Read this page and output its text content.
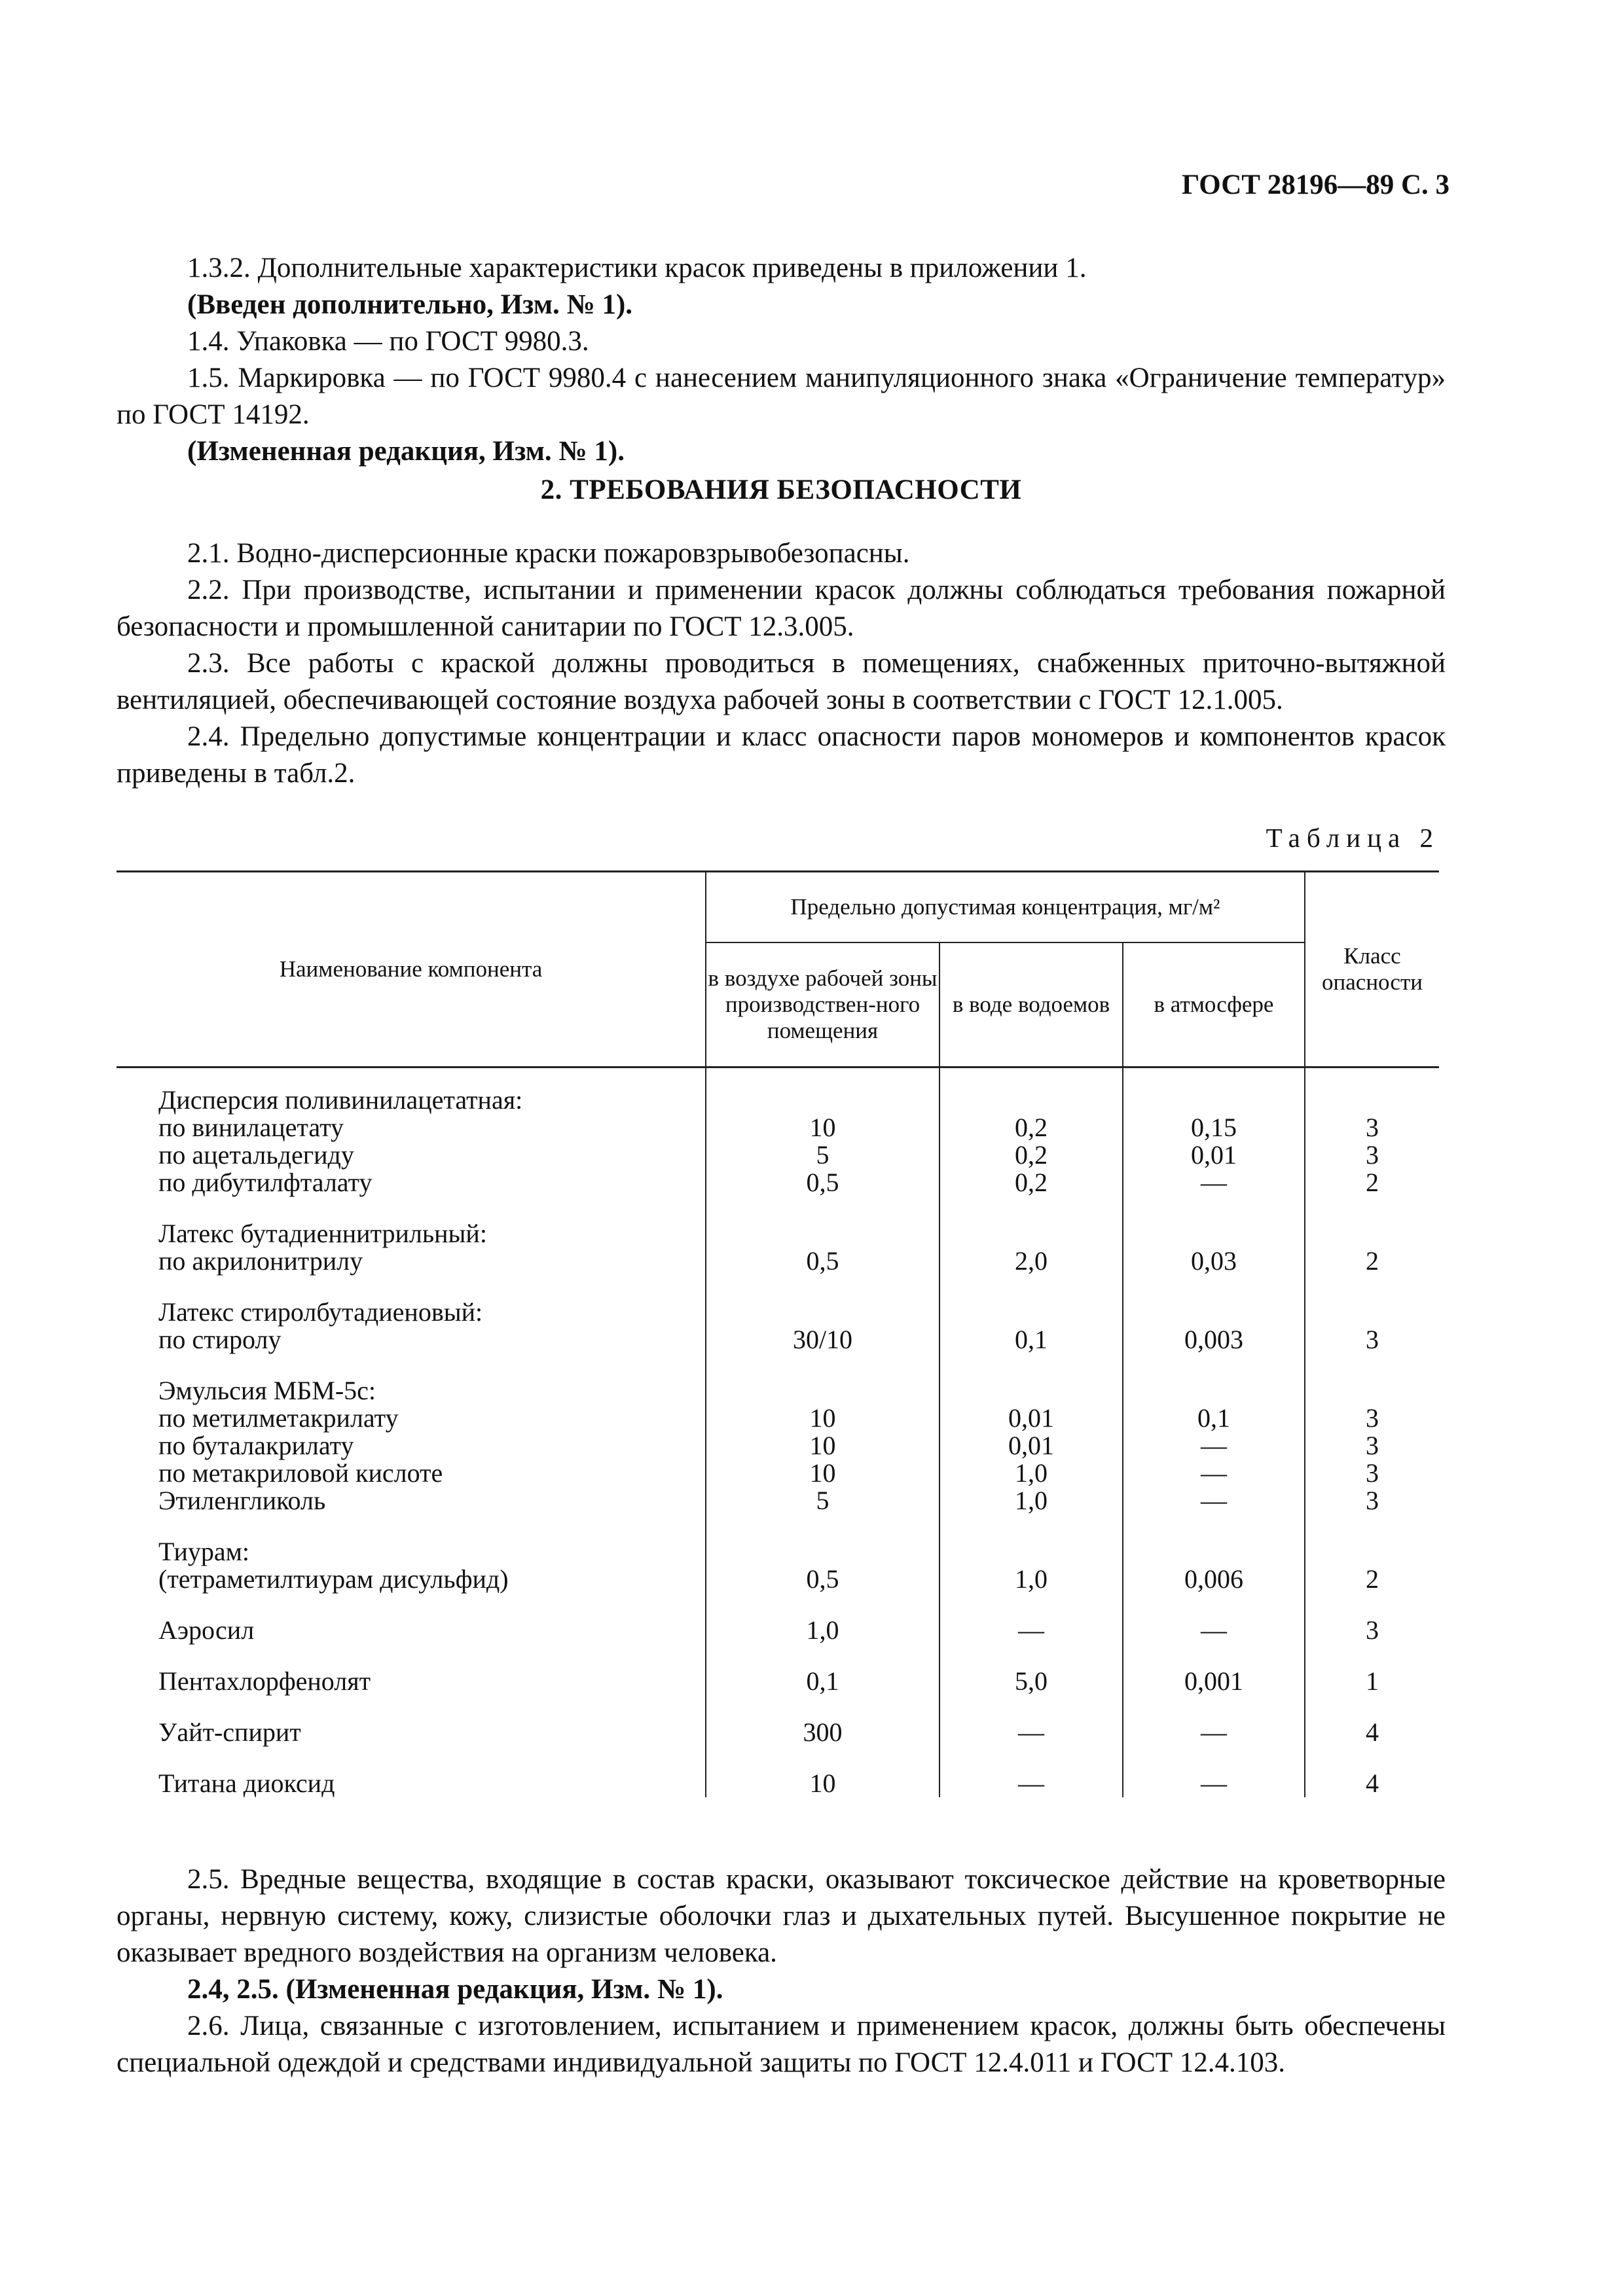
ГОСТ 28196—89 С. 3

1.3.2. Дополнительные характеристики красок приведены в приложении 1.

(Введен дополнительно, Изм. № 1).

1.4. Упаковка — по ГОСТ 9980.3.

1.5. Маркировка — по ГОСТ 9980.4 с нанесением манипуляционного знака «Ограничение температур» по ГОСТ 14192.

(Измененная редакция, Изм. № 1).

2. ТРЕБОВАНИЯ БЕЗОПАСНОСТИ

2.1. Водно-дисперсионные краски пожаровзрывобезопасны.

2.2. При производстве, испытании и применении красок должны соблюдаться требования пожарной безопасности и промышленной санитарии по ГОСТ 12.3.005.

2.3. Все работы с краской должны проводиться в помещениях, снабженных приточно-вытяжной вентиляцией, обеспечивающей состояние воздуха рабочей зоны в соответствии с ГОСТ 12.1.005.

2.4. Предельно допустимые концентрации и класс опасности паров мономеров и компонентов красок приведены в табл.2.

Таблица 2
Наименование компонента	Предельно допустимая концентрация, мг/м²			Класс опасности
	в воздухе рабочей зоны производствен-ного помещения	в воде водоемов	в атмосфере	
Дисперсия поливинилацетатная:				
по винилацетату	10	0,2	0,15	3
по ацетальдегиду	5	0,2	0,01	3
по дибутилфталату	0,5	0,2	—	2

Латекс бутадиеннитрильный:				
по акрилонитрилу	0,5	2,0	0,03	2

Латекс стиролбутадиеновый:				
по стиролу	30/10	0,1	0,003	3

Эмульсия МБМ-5с:				
по метилметакрилату	10	0,01	0,1	3
по буталакрилату	10	0,01	—	3
по метакриловой кислоте	10	1,0	—	3
Этиленгликоль	5	1,0	—	3

Тиурам:				
(тетраметилтиурам дисульфид)	0,5	1,0	0,006	2

Аэросил	1,0	—	—	3

Пентахлорфенолят	0,1	5,0	0,001	1

Уайт-спирит	300	—	—	4

Титана диоксид	10	—	—	4

2.5. Вредные вещества, входящие в состав краски, оказывают токсическое действие на кроветворные органы, нервную систему, кожу, слизистые оболочки глаз и дыхательных путей. Высушенное покрытие не оказывает вредного воздействия на организм человека.

2.4, 2.5. (Измененная редакция, Изм. № 1).

2.6. Лица, связанные с изготовлением, испытанием и применением красок, должны быть обеспечены специальной одеждой и средствами индивидуальной защиты по ГОСТ 12.4.011 и ГОСТ 12.4.103.
